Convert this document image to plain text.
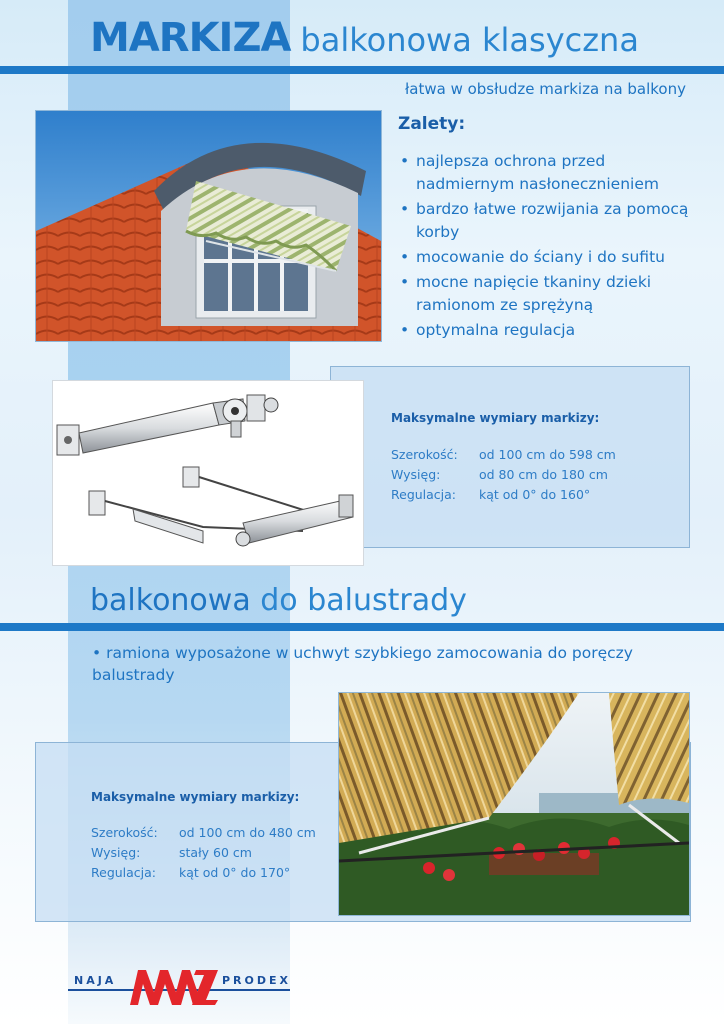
MARKIZA balkonowa klasyczna
łatwa w obsłudze markiza na balkony
Zalety:
• najlepsza ochrona przed nadmiernym nasłonecznieniem
• bardzo łatwe rozwijania za pomocą korby
• mocowanie do ściany i do sufitu
• mocne napięcie tkaniny dzieki ramionom ze sprężyną
• optymalna regulacja
Maksymalne wymiary markizy:
Szerokość: od 100 cm do 598 cm
Wysięg:	od 80 cm do 180 cm
Regulacja: kąt od 0° do 160°
balkonowa do balustrady
• ramiona wyposażone w uchwyt szybkiego zamocowania do poręczy balustrady
Maksymalne wymiary markizy:
Szerokość: od 100 cm do 480 cm
Wysięg:	stały 60 cm
Regulacja: kąt od 0° do 170°
NAJA	PRODEX
